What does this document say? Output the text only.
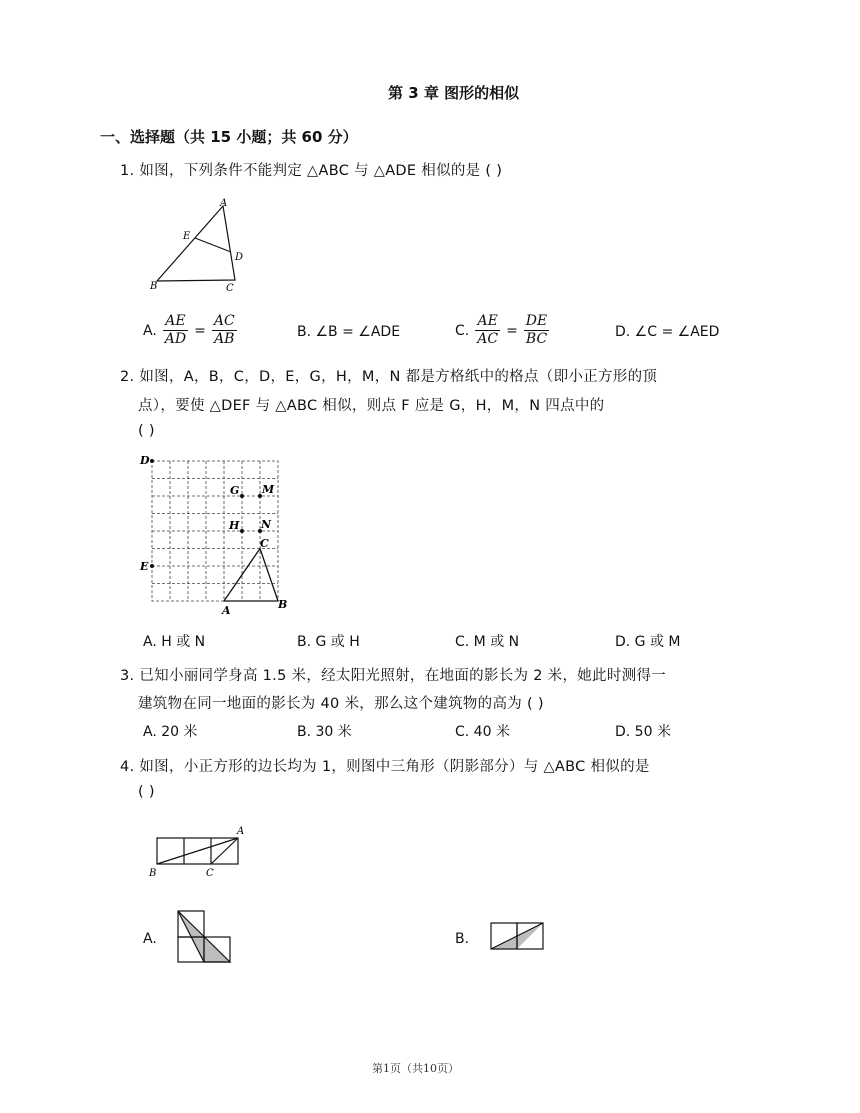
第 3 章 图形的相似
一、选择题（共 15 小题；共 60 分）
1. 如图，下列条件不能判定 △ABC 与 △ADE 相似的是 ( )
A
E
D
B	C
A. $\frac{AE}{AD} = \frac{AC}{AB}$	B. ∠B = ∠ADE	C. $\frac{AE}{AC} = \frac{DE}{BC}$	D. ∠C = ∠AED
2. 如图，A，B，C，D，E，G，H，M，N 都是方格纸中的格点（即小正方形的顶
点），要使 △DEF 与 △ABC 相似，则点 F 应是 G，H，M，N 四点中的
( )
D
E
G M
H N
C
A	B
A. H 或 N	B. G 或 H	C. M 或 N	D. G 或 M
3. 已知小丽同学身高 1.5 米，经太阳光照射，在地面的影长为 2 米，她此时测得一
建筑物在同一地面的影长为 40 米，那么这个建筑物的高为 ( )
A. 20 米	B. 30 米	C. 40 米	D. 50 米
4. 如图，小正方形的边长均为 1，则图中三角形（阴影部分）与 △ABC 相似的是
( )
A
B	C
A.	B.
第1页（共10页）
